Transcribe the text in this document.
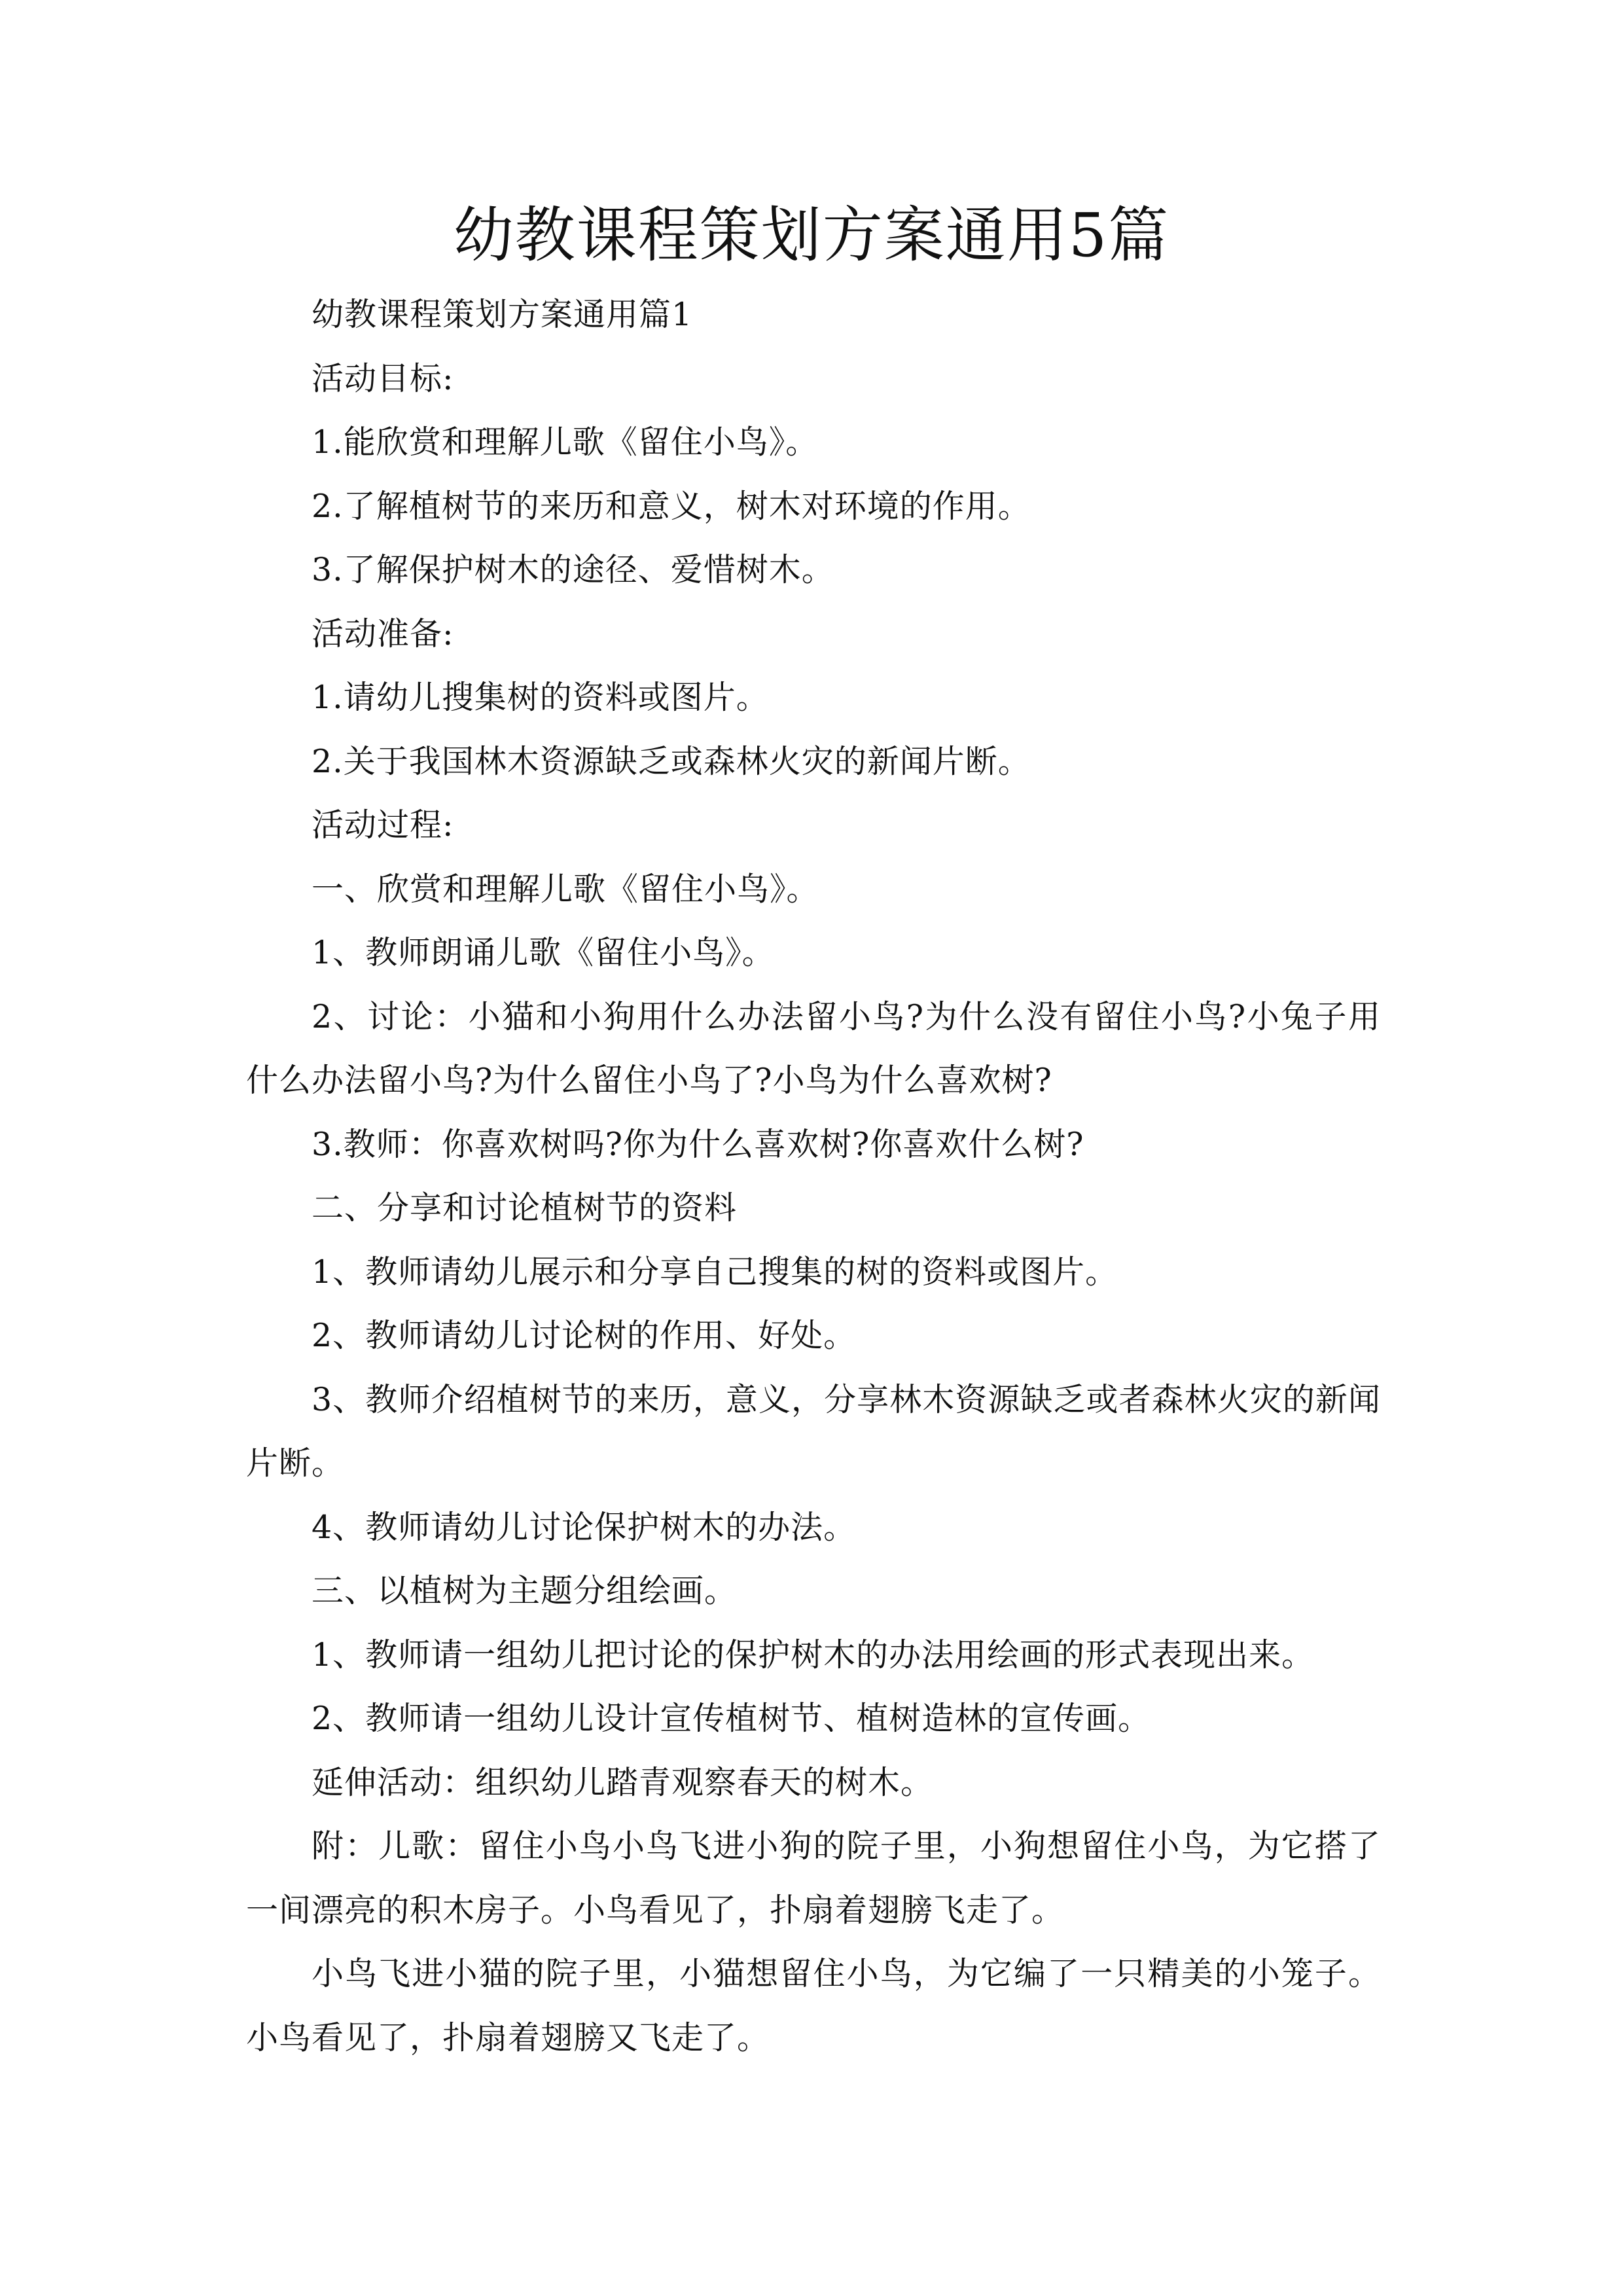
幼教课程策划方案通用5篇

幼教课程策划方案通用篇1

活动目标:

1.能欣赏和理解儿歌《留住小鸟》。

2.了解植树节的来历和意义，树木对环境的作用。

3.了解保护树木的途径、爱惜树木。

活动准备:

1.请幼儿搜集树的资料或图片。

2.关于我国林木资源缺乏或森林火灾的新闻片断。

活动过程:

一、欣赏和理解儿歌《留住小鸟》。

1、教师朗诵儿歌《留住小鸟》。

2、讨论：小猫和小狗用什么办法留小鸟?为什么没有留住小鸟?小兔子用什么办法留小鸟?为什么留住小鸟了?小鸟为什么喜欢树?

3.教师：你喜欢树吗?你为什么喜欢树?你喜欢什么树?

二、分享和讨论植树节的资料

1、教师请幼儿展示和分享自己搜集的树的资料或图片。

2、教师请幼儿讨论树的作用、好处。

3、教师介绍植树节的来历，意义，分享林木资源缺乏或者森林火灾的新闻片断。

4、教师请幼儿讨论保护树木的办法。

三、以植树为主题分组绘画。

1、教师请一组幼儿把讨论的保护树木的办法用绘画的形式表现出来。

2、教师请一组幼儿设计宣传植树节、植树造林的宣传画。

延伸活动：组织幼儿踏青观察春天的树木。

附：儿歌：留住小鸟小鸟飞进小狗的院子里，小狗想留住小鸟，为它搭了一间漂亮的积木房子。小鸟看见了，扑扇着翅膀飞走了。

小鸟飞进小猫的院子里，小猫想留住小鸟，为它编了一只精美的小笼子。小鸟看见了，扑扇着翅膀又飞走了。
